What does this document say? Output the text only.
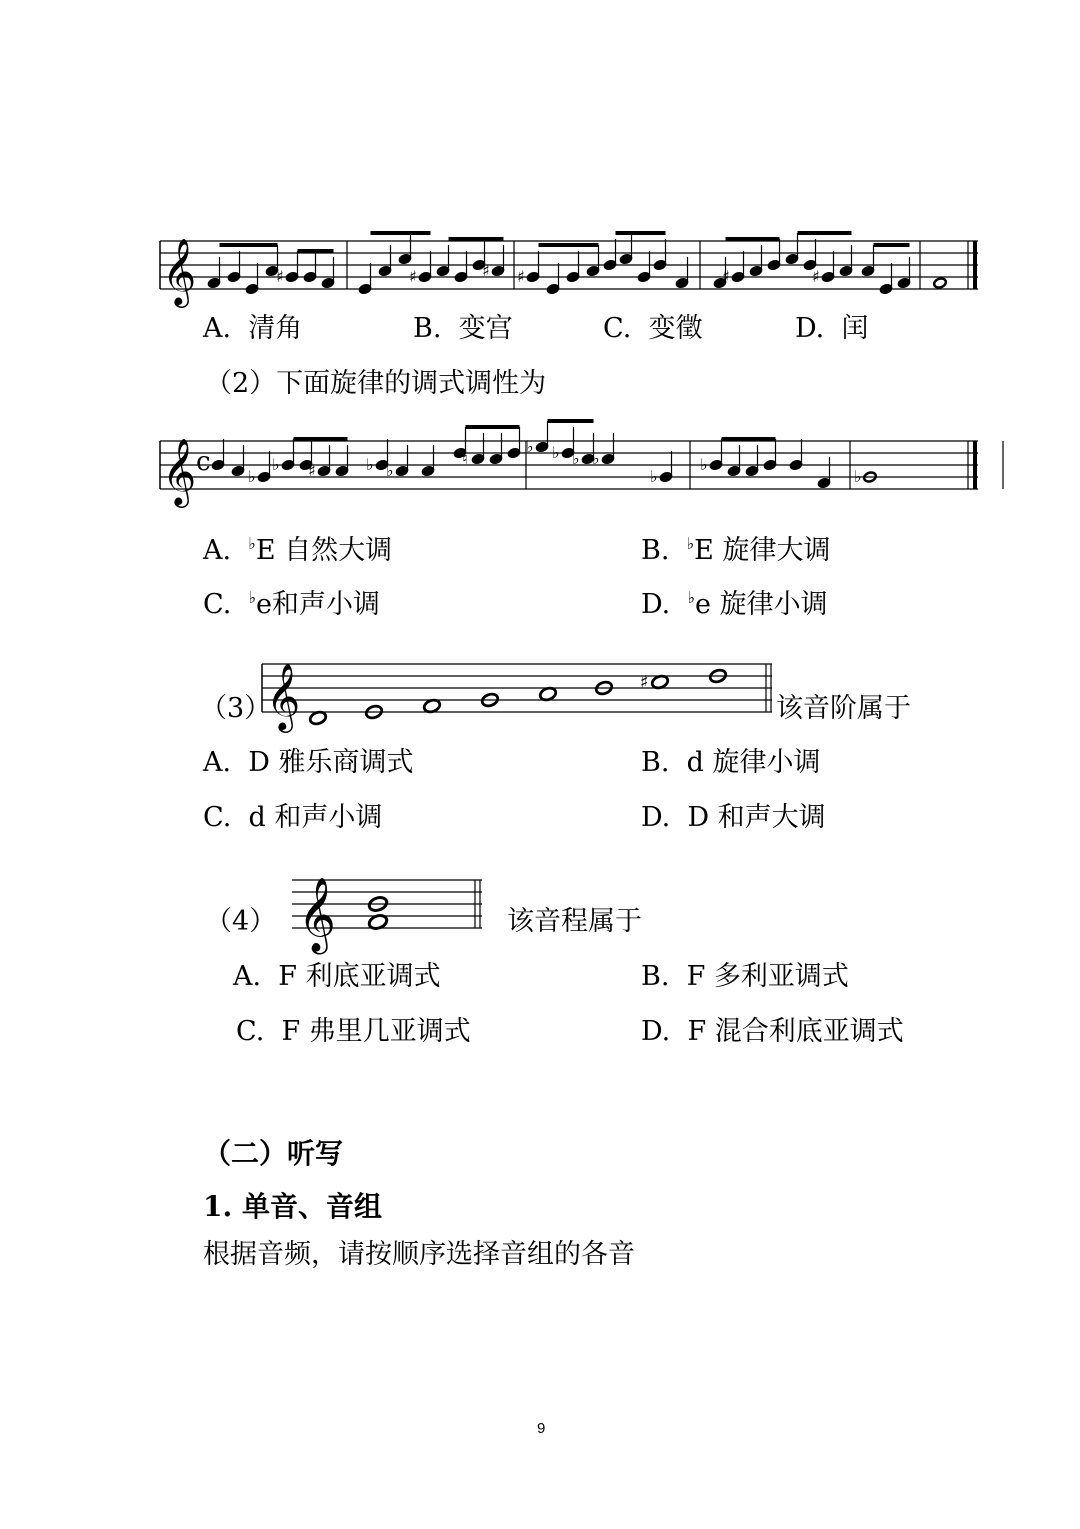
𝄞	♯	♯	♯ ♯	♯	♯
A. 清角	B. 变宫	C. 变徵	D. 闰
（2）下面旋律的调式调性为
𝄞 c ♭
♭ ♯	♭ ♭
♮
♭ ♭ ♭ ♭
♭
♭
♭
A. ♭E 自然大调	B. ♭E 旋律大调
C. ♭e和声小调	D. ♭e 旋律小调
（3）
𝄞	♯
该音阶属于
A. D 雅乐商调式	B. d 旋律小调
C. d 和声小调	D. D 和声大调
（4） 𝄞	该音程属于
A. F 利底亚调式	B. F 多利亚调式
C. F 弗里几亚调式	D. F 混合利底亚调式
（二）听写
1. 单音、音组
根据音频，请按顺序选择音组的各音
9
